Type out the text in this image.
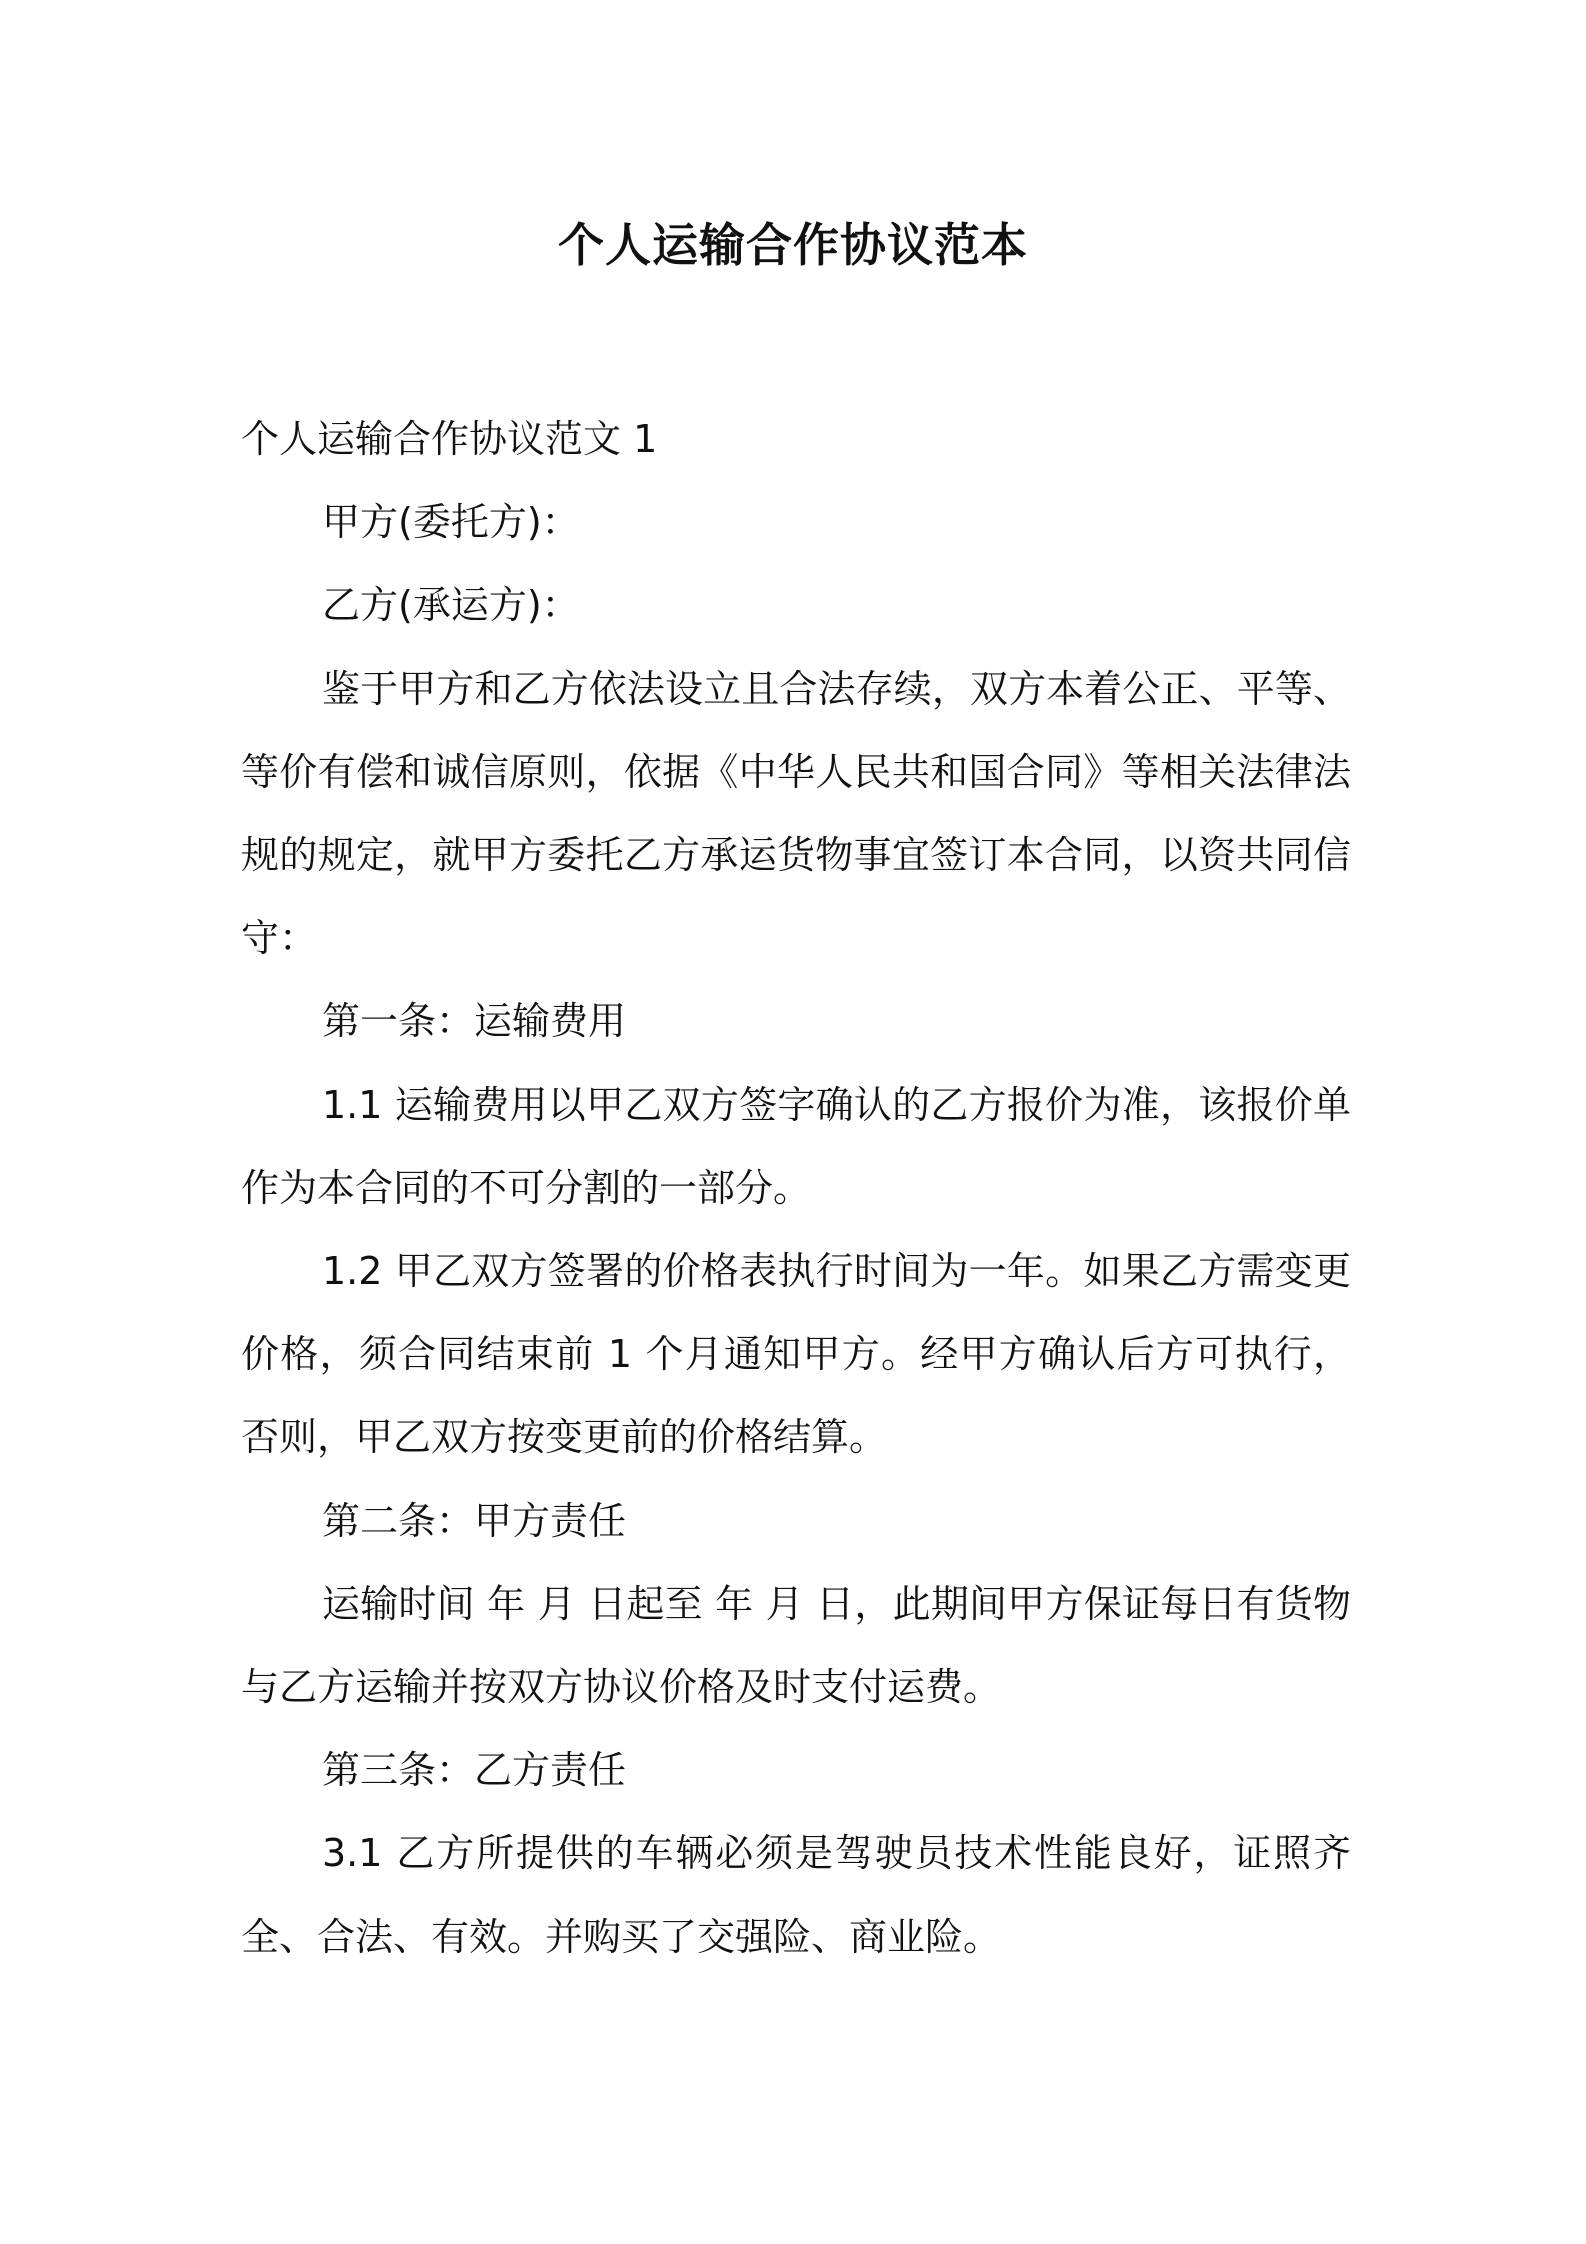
个人运输合作协议范本

个人运输合作协议范文 1

甲方(委托方)：

乙方(承运方)：

鉴于甲方和乙方依法设立且合法存续，双方本着公正、平等、等价有偿和诚信原则，依据《中华人民共和国合同》等相关法律法规的规定，就甲方委托乙方承运货物事宜签订本合同，以资共同信守：

第一条：运输费用

1.1 运输费用以甲乙双方签字确认的乙方报价为准，该报价单作为本合同的不可分割的一部分。

1.2 甲乙双方签署的价格表执行时间为一年。如果乙方需变更价格，须合同结束前 1 个月通知甲方。经甲方确认后方可执行，否则，甲乙双方按变更前的价格结算。

第二条：甲方责任

运输时间 年 月 日起至 年 月 日，此期间甲方保证每日有货物与乙方运输并按双方协议价格及时支付运费。

第三条：乙方责任

3.1 乙方所提供的车辆必须是驾驶员技术性能良好，证照齐全、合法、有效。并购买了交强险、商业险。
